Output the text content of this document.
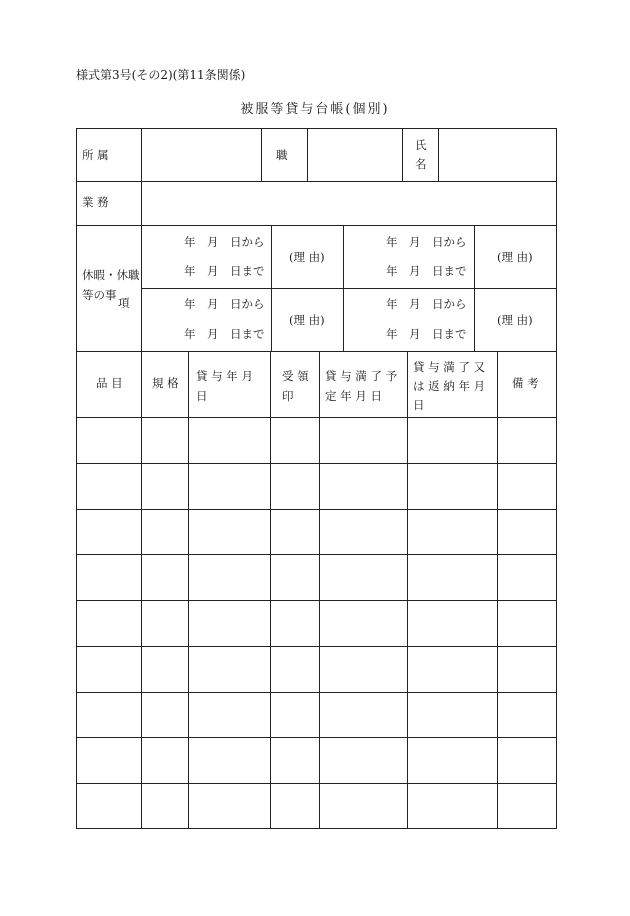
様式第3号(その2)(第11条関係)
被服等貸与台帳(個別)
所 属	職
氏
名
業 務
休暇・休職
等の事
項
年　月　日から
年　月　日まで
(理 由)
年　月　日から
年　月　日まで
(理 由)
年　月　日から
年　月　日まで
(理 由)
年　月　日から
年　月　日まで
(理 由)
品 目	規 格 貸 与 年 月 日
受 領 印
貸 与 満 了 予 定 年 月 日
貸 与 満 了 又 は 返 納 年 月 日
備 考
